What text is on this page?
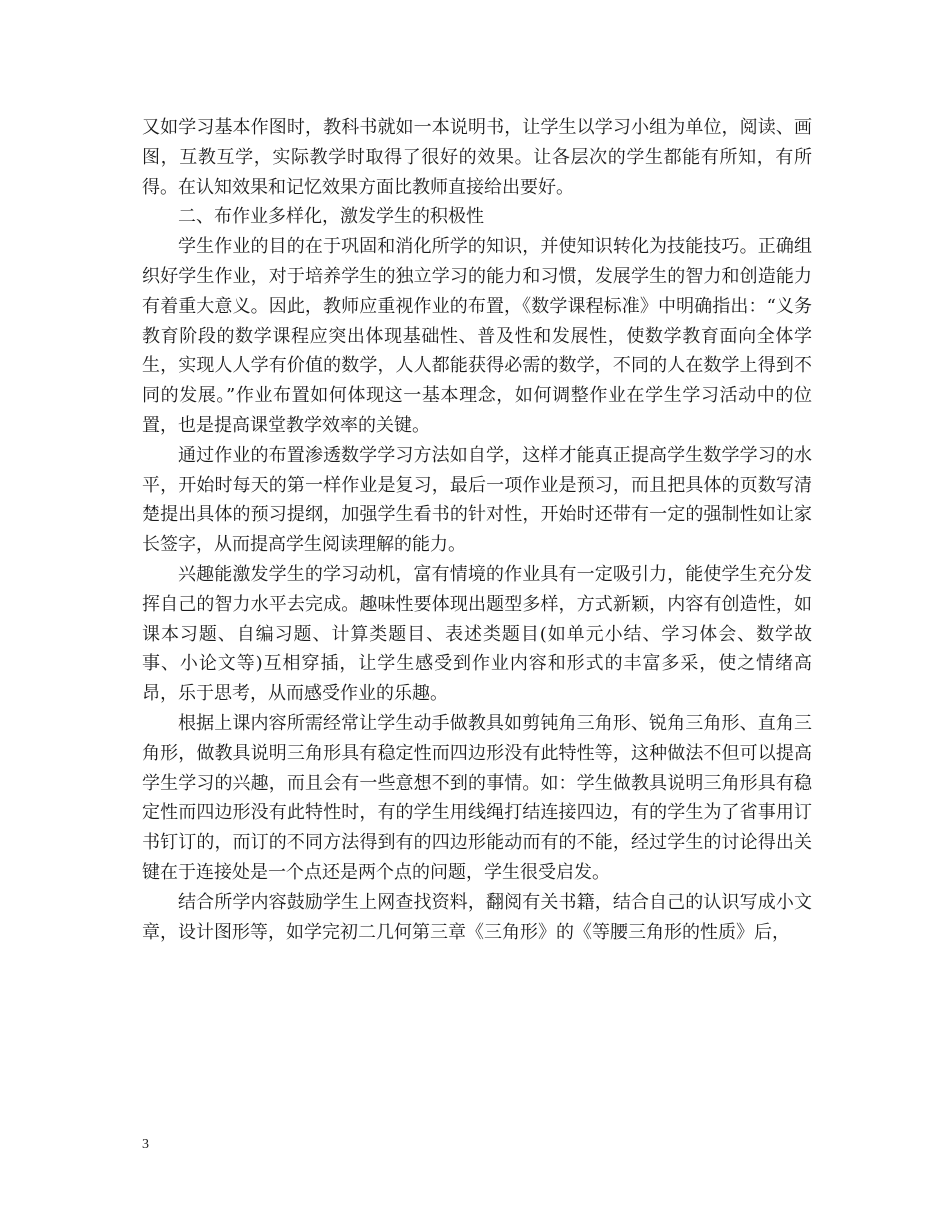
又如学习基本作图时，教科书就如一本说明书，让学生以学习小组为单位，阅读、画图，互教互学，实际教学时取得了很好的效果。让各层次的学生都能有所知，有所得。在认知效果和记忆效果方面比教师直接给出要好。

二、布作业多样化，激发学生的积极性

学生作业的目的在于巩固和消化所学的知识，并使知识转化为技能技巧。正确组织好学生作业，对于培养学生的独立学习的能力和习惯，发展学生的智力和创造能力有着重大意义。因此，教师应重视作业的布置，《数学课程标准》中明确指出：“义务教育阶段的数学课程应突出体现基础性、普及性和发展性，使数学教育面向全体学生，实现人人学有价值的数学，人人都能获得必需的数学，不同的人在数学上得到不同的发展。”作业布置如何体现这一基本理念，如何调整作业在学生学习活动中的位置，也是提高课堂教学效率的关键。

通过作业的布置渗透数学学习方法如自学，这样才能真正提高学生数学学习的水平，开始时每天的第一样作业是复习，最后一项作业是预习，而且把具体的页数写清楚提出具体的预习提纲，加强学生看书的针对性，开始时还带有一定的强制性如让家长签字，从而提高学生阅读理解的能力。

兴趣能激发学生的学习动机，富有情境的作业具有一定吸引力，能使学生充分发挥自己的智力水平去完成。趣味性要体现出题型多样，方式新颖，内容有创造性，如课本习题、自编习题、计算类题目、表述类题目(如单元小结、学习体会、数学故事、小论文等)互相穿插，让学生感受到作业内容和形式的丰富多采，使之情绪高昂，乐于思考，从而感受作业的乐趣。

根据上课内容所需经常让学生动手做教具如剪钝角三角形、锐角三角形、直角三角形，做教具说明三角形具有稳定性而四边形没有此特性等，这种做法不但可以提高学生学习的兴趣，而且会有一些意想不到的事情。如：学生做教具说明三角形具有稳定性而四边形没有此特性时，有的学生用线绳打结连接四边，有的学生为了省事用订书钉订的，而订的不同方法得到有的四边形能动而有的不能，经过学生的讨论得出关键在于连接处是一个点还是两个点的问题，学生很受启发。

结合所学内容鼓励学生上网查找资料，翻阅有关书籍，结合自己的认识写成小文章，设计图形等，如学完初二几何第三章《三角形》的《等腰三角形的性质》后，

3
